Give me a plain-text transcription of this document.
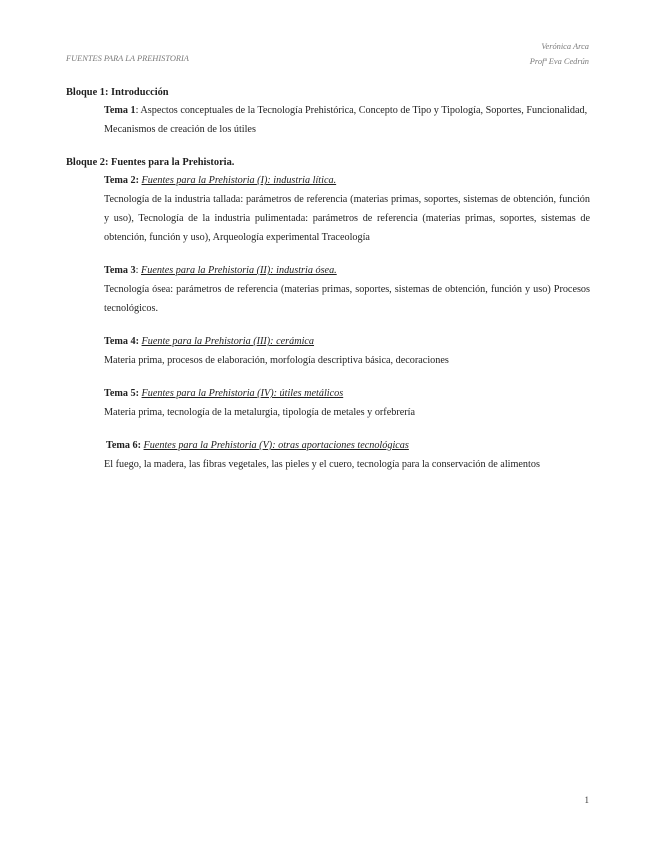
Verónica Arca
Profª Eva Cedrún
FUENTES PARA LA PREHISTORIA
Bloque 1: Introducción

Tema 1: Aspectos conceptuales de la Tecnología Prehistórica, Concepto de Tipo y Tipología, Soportes, Funcionalidad, Mecanismos de creación de los útiles

Bloque 2: Fuentes para la Prehistoria.

Tema 2: Fuentes para la Prehistoria (I): industria lítica.

Tecnología de la industria tallada: parámetros de referencia (materias primas, soportes, sistemas de obtención, función y uso), Tecnología de la industria pulimentada: parámetros de referencia (materias primas, soportes, sistemas de obtención, función y uso), Arqueología experimental Traceología

Tema 3: Fuentes para la Prehistoria (II): industria ósea.

Tecnología ósea: parámetros de referencia (materias primas, soportes, sistemas de obtención, función y uso) Procesos tecnológicos.

Tema 4: Fuente para la Prehistoria (III): cerámica

Materia prima, procesos de elaboración, morfología descriptiva básica, decoraciones

Tema 5: Fuentes para la Prehistoria (IV): útiles metálicos

Materia prima, tecnología de la metalurgia, tipología de metales y orfebrería

Tema 6: Fuentes para la Prehistoria (V): otras aportaciones tecnológicas

El fuego, la madera, las fibras vegetales, las pieles y el cuero, tecnología para la conservación de alimentos

1
